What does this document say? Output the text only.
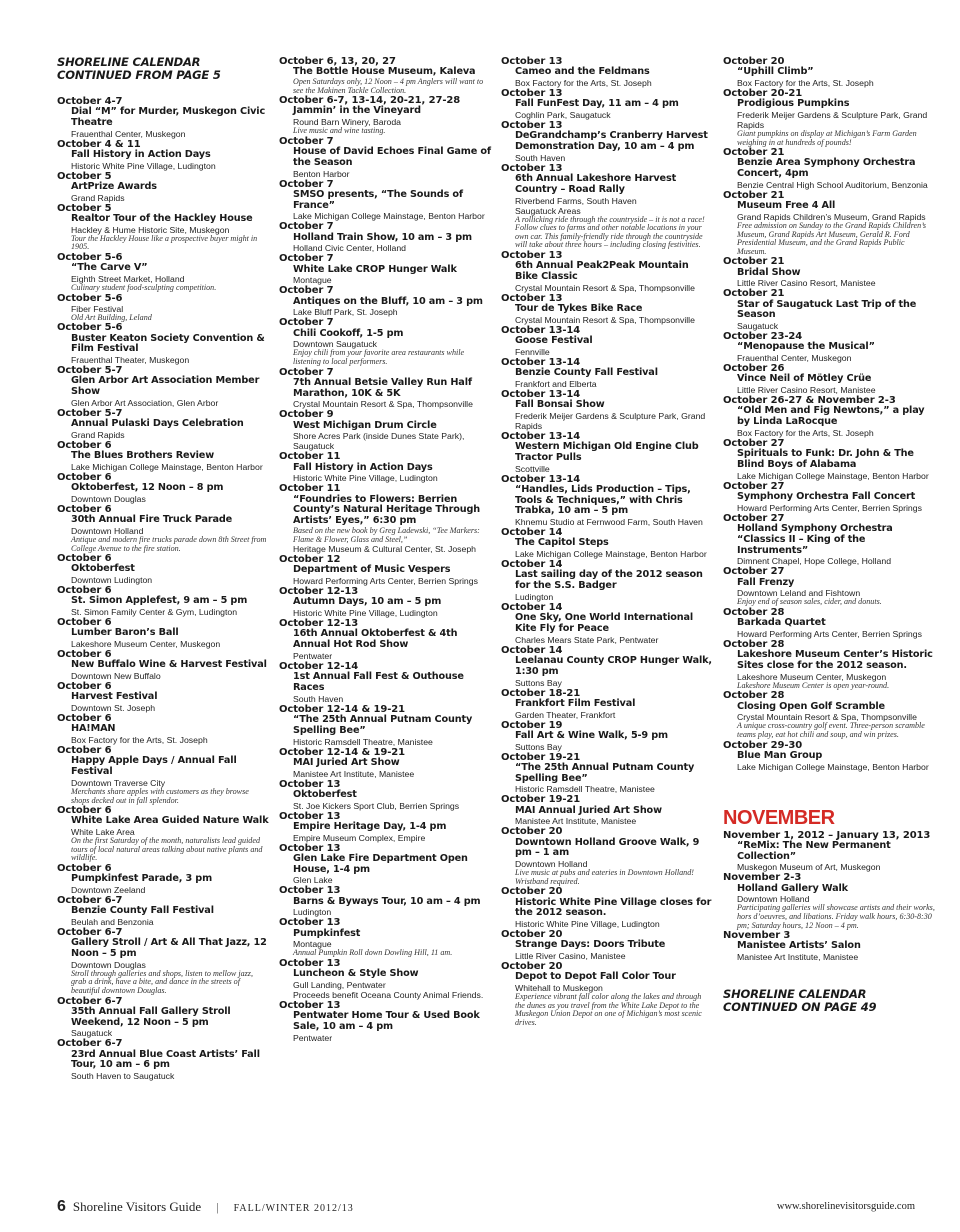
SHORELINE CALENDAR CONTINUED FROM PAGE 5
October 4-7
Dial “M” for Murder, Muskegon Civic Theatre
Frauenthal Center, Muskegon
October 4 & 11
Fall History in Action Days
Historic White Pine Village, Ludington
October 5
ArtPrize Awards
Grand Rapids
October 5
Realtor Tour of the Hackley House
Hackley & Hume Historic Site, Muskegon
Tour the Hackley House like a prospective buyer might in 1905.
October 5-6
“The Carve V”
Eighth Street Market, Holland
Culinary student food-sculpting competition.
October 5-6
Fiber Festival
Old Art Building, Leland
October 5-6
Buster Keaton Society Convention & Film Festival
Frauenthal Theater, Muskegon
October 5-7
Glen Arbor Art Association Member Show
Glen Arbor Art Association, Glen Arbor
October 5-7
Annual Pulaski Days Celebration
Grand Rapids
October 6
The Blues Brothers Review
Lake Michigan College Mainstage, Benton Harbor
October 6
Oktoberfest, 12 Noon – 8 pm
Downtown Douglas
October 6
30th Annual Fire Truck Parade
Downtown Holland
Antique and modern fire trucks parade down 8th Street from College Avenue to the fire station.
October 6
Oktoberfest
Downtown Ludington
October 6
St. Simon Applefest, 9 am – 5 pm
St. Simon Family Center & Gym, Ludington
October 6
Lumber Baron’s Ball
Lakeshore Museum Center, Muskegon
October 6
New Buffalo Wine & Harvest Festival
Downtown New Buffalo
October 6
Harvest Festival
Downtown St. Joseph
October 6
HA!MAN
Box Factory for the Arts, St. Joseph
October 6
Happy Apple Days / Annual Fall Festival
Downtown Traverse City
Merchants share apples with customers as they browse shops decked out in fall splendor.
October 6
White Lake Area Guided Nature Walk
White Lake Area
On the first Saturday of the month, naturalists lead guided tours of local natural areas talking about native plants and wildlife.
October 6
Pumpkinfest Parade, 3 pm
Downtown Zeeland
October 6-7
Benzie County Fall Festival
Beulah and Benzonia
October 6-7
Gallery Stroll / Art & All That Jazz, 12 Noon – 5 pm
Downtown Douglas
Stroll through galleries and shops, listen to mellow jazz, grab a drink, have a bite, and dance in the streets of beautiful downtown Douglas.
October 6-7
35th Annual Fall Gallery Stroll Weekend, 12 Noon – 5 pm
Saugatuck
October 6-7
23rd Annual Blue Coast Artists’ Fall Tour, 10 am – 6 pm
South Haven to Saugatuck
October 6, 13, 20, 27
The Bottle House Museum, Kaleva
Open Saturdays only, 12 Noon – 4 pm Anglers will want to see the Makinen Tackle Collection.
October 6-7, 13-14, 20-21, 27-28
Jammin’ in the Vineyard
Round Barn Winery, Baroda
Live music and wine tasting.
October 7
House of David Echoes Final Game of the Season
Benton Harbor
October 7
SMSO presents, “The Sounds of France”
Lake Michigan College Mainstage, Benton Harbor
October 7
Holland Train Show, 10 am – 3 pm
Holland Civic Center, Holland
October 7
White Lake CROP Hunger Walk
Montague
October 7
Antiques on the Bluff, 10 am – 3 pm
Lake Bluff Park, St. Joseph
October 7
Chili Cookoff, 1-5 pm
Downtown Saugatuck
Enjoy chili from your favorite area restaurants while listening to local performers.
October 7
7th Annual Betsie Valley Run Half Marathon, 10K & 5K
Crystal Mountain Resort & Spa, Thompsonville
October 9
West Michigan Drum Circle
Shore Acres Park (inside Dunes State Park), Saugatuck
October 11
Fall History in Action Days
Historic White Pine Village, Ludington
October 11
“Foundries to Flowers: Berrien County’s Natural Heritage Through Artists’ Eyes,” 6:30 pm
Based on the new book by Greg Ladewski, “Tee Markers: Flame & Flower, Glass and Steel,”
Heritage Museum & Cultural Center, St. Joseph
October 12
Department of Music Vespers
Howard Performing Arts Center, Berrien Springs
October 12-13
Autumn Days, 10 am – 5 pm
Historic White Pine Village, Ludington
October 12-13
16th Annual Oktoberfest & 4th Annual Hot Rod Show
Pentwater
October 12-14
1st Annual Fall Fest & Outhouse Races
South Haven
October 12-14 & 19-21
“The 25th Annual Putnam County Spelling Bee”
Historic Ramsdell Theatre, Manistee
October 12-14 & 19-21
MAI Juried Art Show
Manistee Art Institute, Manistee
October 13
Oktoberfest
St. Joe Kickers Sport Club, Berrien Springs
October 13
Empire Heritage Day, 1-4 pm
Empire Museum Complex, Empire
October 13
Glen Lake Fire Department Open House, 1-4 pm
Glen Lake
October 13
Barns & Byways Tour, 10 am – 4 pm
Ludington
October 13
Pumpkinfest
Montague
Annual Pumpkin Roll down Dowling Hill, 11 am.
October 13
Luncheon & Style Show
Gull Landing, Pentwater
Proceeds benefit Oceana County Animal Friends.
October 13
Pentwater Home Tour & Used Book Sale, 10 am – 4 pm
Pentwater
October 13
Cameo and the Feldmans
Box Factory for the Arts, St. Joseph
October 13
Fall FunFest Day, 11 am – 4 pm
Coghlin Park, Saugatuck
October 13
DeGrandchamp’s Cranberry Harvest Demonstration Day, 10 am – 4 pm
South Haven
October 13
6th Annual Lakeshore Harvest Country – Road Rally
Riverbend Farms, South Haven
Saugatuck Areas
A rollicking ride through the countryside – it is not a race! Follow clues to farms and other notable locations in your own car. This family-friendly ride through the countryside will take about three hours – including closing festivities.
October 13
6th Annual Peak2Peak Mountain Bike Classic
Crystal Mountain Resort & Spa, Thompsonville
October 13
Tour de Tykes Bike Race
Crystal Mountain Resort & Spa, Thompsonville
October 13-14
Goose Festival
Fennville
October 13-14
Benzie County Fall Festival
Frankfort and Elberta
October 13-14
Fall Bonsai Show
Frederik Meijer Gardens & Sculpture Park, Grand Rapids
October 13-14
Western Michigan Old Engine Club Tractor Pulls
Scottville
October 13-14
“Handles, Lids Production – Tips, Tools & Techniques,” with Chris Trabka, 10 am – 5 pm
Khnemu Studio at Fernwood Farm, South Haven
October 14
The Capitol Steps
Lake Michigan College Mainstage, Benton Harbor
October 14
Last sailing day of the 2012 season for the S.S. Badger
Ludington
October 14
One Sky, One World International Kite Fly for Peace
Charles Mears State Park, Pentwater
October 14
Leelanau County CROP Hunger Walk, 1:30 pm
Suttons Bay
October 18-21
Frankfort Film Festival
Garden Theater, Frankfort
October 19
Fall Art & Wine Walk, 5-9 pm
Suttons Bay
October 19-21
“The 25th Annual Putnam County Spelling Bee”
Historic Ramsdell Theatre, Manistee
October 19-21
MAI Annual Juried Art Show
Manistee Art Institute, Manistee
October 20
Downtown Holland Groove Walk, 9 pm – 1 am
Downtown Holland
Live music at pubs and eateries in Downtown Holland! Wristband required.
October 20
Historic White Pine Village closes for the 2012 season.
Historic White Pine Village, Ludington
October 20
Strange Days: Doors Tribute
Little River Casino, Manistee
October 20
Depot to Depot Fall Color Tour
Whitehall to Muskegon
Experience vibrant fall color along the lakes and through the dunes as you travel from the White Lake Depot to the Muskegon Union Depot on one of Michigan’s most scenic drives.
October 20
“Uphill Climb”
Box Factory for the Arts, St. Joseph
October 20-21
Prodigious Pumpkins
Frederik Meijer Gardens & Sculpture Park, Grand Rapids
Giant pumpkins on display at Michigan’s Farm Garden weighing in at hundreds of pounds!
October 21
Benzie Area Symphony Orchestra Concert, 4pm
Benzie Central High School Auditorium, Benzonia
October 21
Museum Free 4 All
Grand Rapids Children’s Museum, Grand Rapids
Free admission on Sunday to the Grand Rapids Children’s Museum, Grand Rapids Art Museum, Gerald R. Ford Presidential Museum, and the Grand Rapids Public Museum.
October 21
Bridal Show
Little River Casino Resort, Manistee
October 21
Star of Saugatuck Last Trip of the Season
Saugatuck
October 23-24
“Menopause the Musical”
Frauenthal Center, Muskegon
October 26
Vince Neil of Mötley Crüe
Little River Casino Resort, Manistee
October 26-27 & November 2-3
“Old Men and Fig Newtons,” a play by Linda LaRocque
Box Factory for the Arts, St. Joseph
October 27
Spirituals to Funk: Dr. John & The Blind Boys of Alabama
Lake Michigan College Mainstage, Benton Harbor
October 27
Symphony Orchestra Fall Concert
Howard Performing Arts Center, Berrien Springs
October 27
Holland Symphony Orchestra “Classics II – King of the Instruments”
Dimnent Chapel, Hope College, Holland
October 27
Fall Frenzy
Downtown Leland and Fishtown
Enjoy end of season sales, cider, and donuts.
October 28
Barkada Quartet
Howard Performing Arts Center, Berrien Springs
October 28
Lakeshore Museum Center’s Historic Sites close for the 2012 season.
Lakeshore Museum Center, Muskegon
Lakeshore Museum Center is open year-round.
October 28
Closing Open Golf Scramble
Crystal Mountain Resort & Spa, Thompsonville
A unique cross-country golf event. Three-person scramble teams play, eat hot chili and soup, and win prizes.
October 29-30
Blue Man Group
Lake Michigan College Mainstage, Benton Harbor
NOVEMBER
November 1, 2012 – January 13, 2013
“ReMix: The New Permanent Collection”
Muskegon Museum of Art, Muskegon
November 2-3
Holland Gallery Walk
Downtown Holland
Participating galleries will showcase artists and their works, hors d’oeuvres, and libations. Friday walk hours, 6:30-8:30 pm; Saturday hours, 12 Noon – 4 pm.
November 3
Manistee Artists’ Salon
Manistee Art Institute, Manistee
SHORELINE CALENDAR CONTINUED ON PAGE 49
6 Shoreline Visitors Guide | FALL/WINTER 2012/13	www.shorelinevisitorsguide.com
